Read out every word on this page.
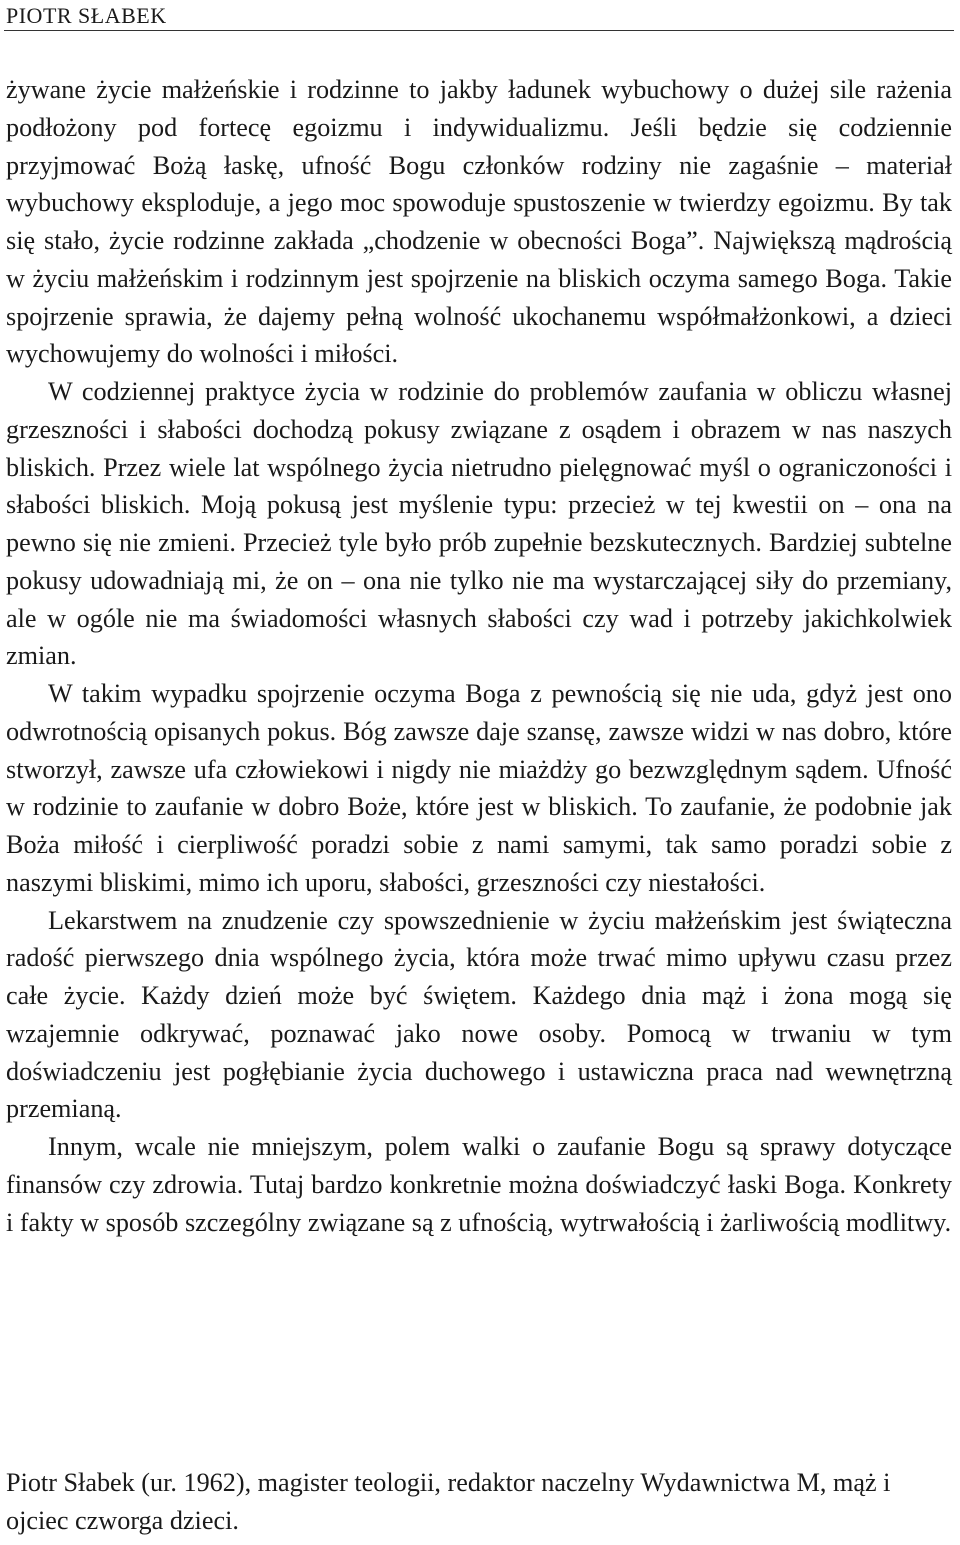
PIOTR SŁABEK

żywane życie małżeńskie i rodzinne to jakby ładunek wybuchowy o dużej sile rażenia podłożony pod fortecę egoizmu i indywidualizmu. Jeśli będzie się codziennie przyjmować Bożą łaskę, ufność Bogu członków rodziny nie zagaśnie – materiał wybuchowy eksploduje, a jego moc spowoduje spustoszenie w twierdzy egoizmu. By tak się stało, życie rodzinne zakłada „chodzenie w obecności Boga”. Największą mądrością w życiu małżeńskim i rodzinnym jest spojrzenie na bliskich oczyma samego Boga. Takie spojrzenie sprawia, że dajemy pełną wolność ukochanemu współmałżonkowi, a dzieci wychowujemy do wolności i miłości.

W codziennej praktyce życia w rodzinie do problemów zaufania w obliczu własnej grzeszności i słabości dochodzą pokusy związane z osądem i obrazem w nas naszych bliskich. Przez wiele lat wspólnego życia nietrudno pielęgnować myśl o ograniczoności i słabości bliskich. Moją pokusą jest myślenie typu: przecież w tej kwestii on – ona na pewno się nie zmieni. Przecież tyle było prób zupełnie bezskutecznych. Bardziej subtelne pokusy udowadniają mi, że on – ona nie tylko nie ma wystarczającej siły do przemiany, ale w ogóle nie ma świadomości własnych słabości czy wad i potrzeby jakichkolwiek zmian.

W takim wypadku spojrzenie oczyma Boga z pewnością się nie uda, gdyż jest ono odwrotnością opisanych pokus. Bóg zawsze daje szansę, zawsze widzi w nas dobro, które stworzył, zawsze ufa człowiekowi i nigdy nie miażdży go bezwzględnym sądem. Ufność w rodzinie to zaufanie w dobro Boże, które jest w bliskich. To zaufanie, że podobnie jak Boża miłość i cierpliwość poradzi sobie z nami samymi, tak samo poradzi sobie z naszymi bliskimi, mimo ich uporu, słabości, grzeszności czy niestałości.

Lekarstwem na znudzenie czy spowszednienie w życiu małżeńskim jest świąteczna radość pierwszego dnia wspólnego życia, która może trwać mimo upływu czasu przez całe życie. Każdy dzień może być świętem. Każdego dnia mąż i żona mogą się wzajemnie odkrywać, poznawać jako nowe osoby. Pomocą w trwaniu w tym doświadczeniu jest pogłębianie życia duchowego i ustawiczna praca nad wewnętrzną przemianą.

Innym, wcale nie mniejszym, polem walki o zaufanie Bogu są sprawy dotyczące finansów czy zdrowia. Tutaj bardzo konkretnie można doświadczyć łaski Boga. Konkrety i fakty w sposób szczególny związane są z ufnością, wytrwałością i żarliwością modlitwy.

Piotr Słabek (ur. 1962), magister teologii, redaktor naczelny Wydawnictwa M, mąż i ojciec czworga dzieci.
